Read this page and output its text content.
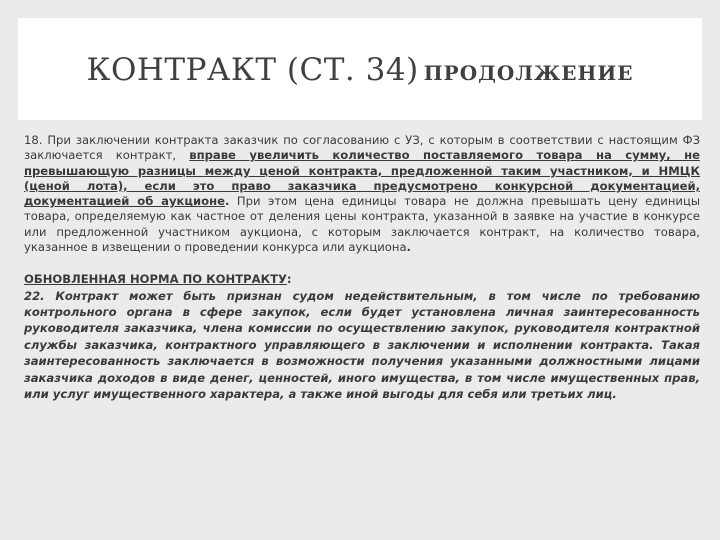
КОНТРАКТ (СТ. 34) ПРОДОЛЖЕНИЕ
18. При заключении контракта заказчик по согласованию с УЗ, с которым в соответствии с настоящим ФЗ заключается контракт, вправе увеличить количество поставляемого товара на сумму, не превышающую разницы между ценой контракта, предложенной таким участником, и НМЦК (ценой лота), если это право заказчика предусмотрено конкурсной документацией, документацией об аукционе. При этом цена единицы товара не должна превышать цену единицы товара, определяемую как частное от деления цены контракта, указанной в заявке на участие в конкурсе или предложенной участником аукциона, с которым заключается контракт, на количество товара, указанное в извещении о проведении конкурса или аукциона.
ОБНОВЛЕННАЯ НОРМА ПО КОНТРАКТУ:
22. Контракт может быть признан судом недействительным, в том числе по требованию контрольного органа в сфере закупок, если будет установлена личная заинтересованность руководителя заказчика, члена комиссии по осуществлению закупок, руководителя контрактной службы заказчика, контрактного управляющего в заключении и исполнении контракта. Такая заинтересованность заключается в возможности получения указанными должностными лицами заказчика доходов в виде денег, ценностей, иного имущества, в том числе имущественных прав, или услуг имущественного характера, а также иной выгоды для себя или третьих лиц.
